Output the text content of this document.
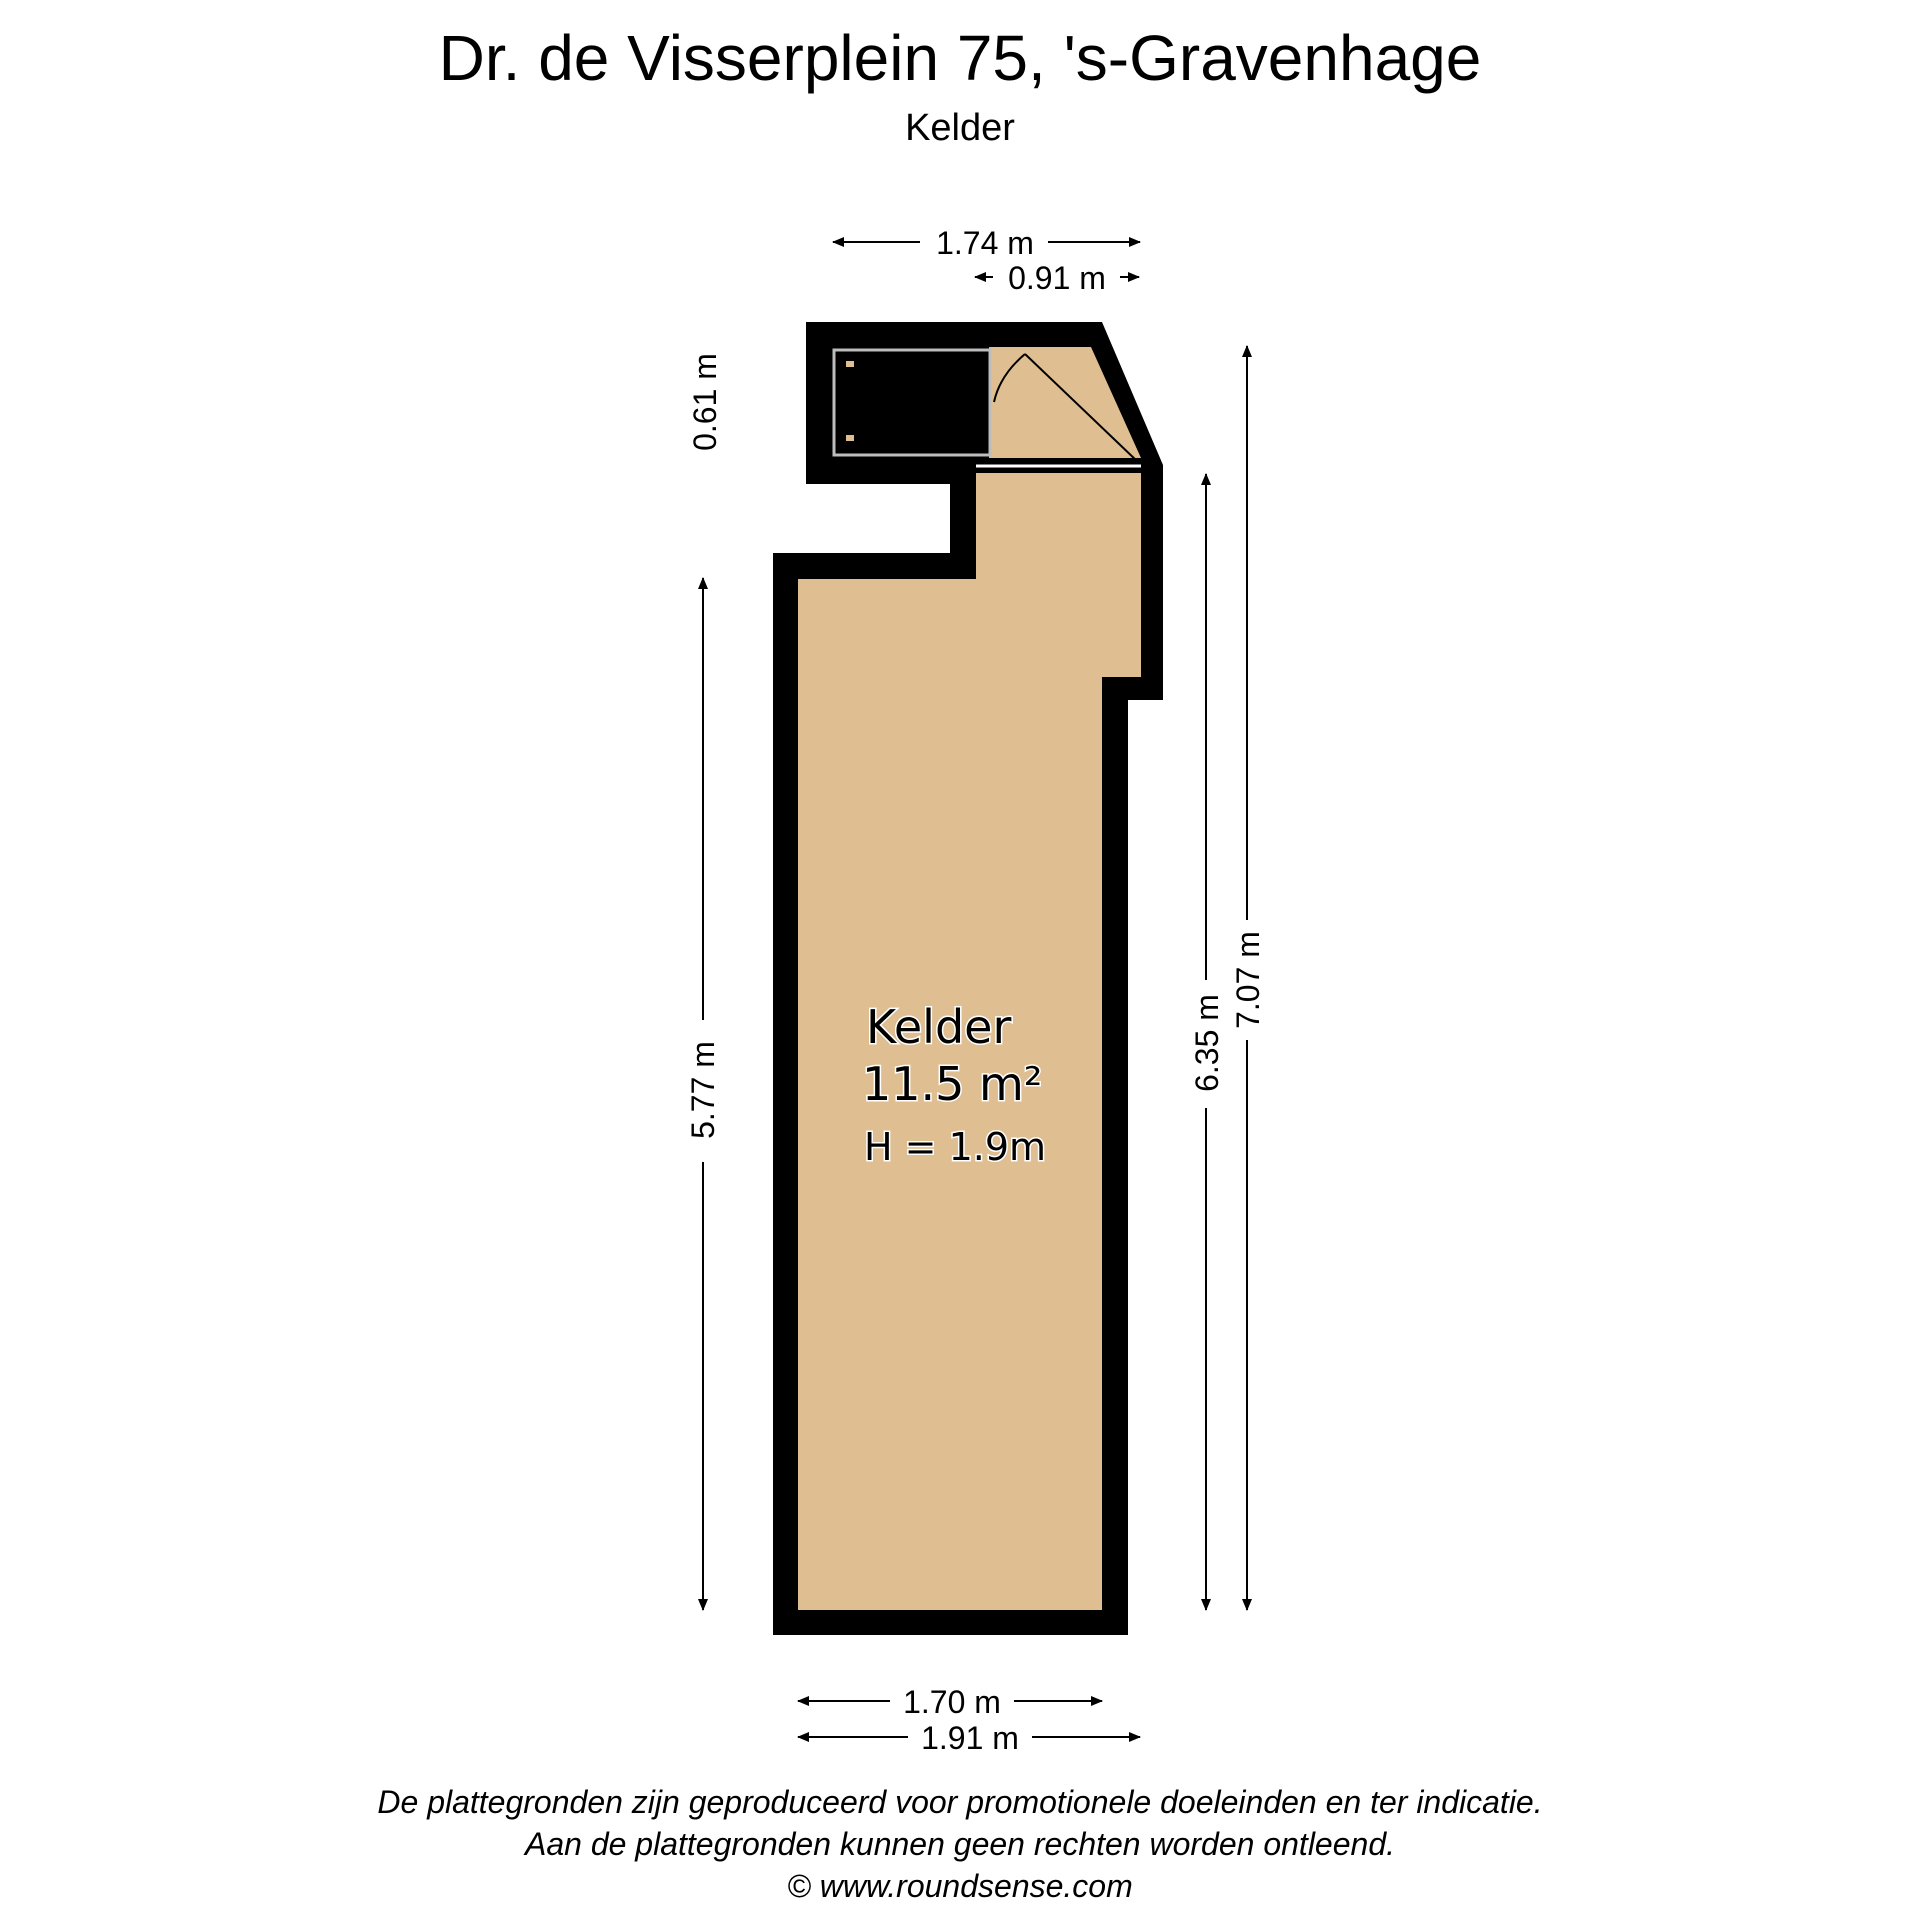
Dr. de Visserplein 75, 's-Gravenhage
Kelder
1.74 m
0.91 m
0.61 m
5.77 m	6.35 m
7.07 m
1.70 m
1.91 m
Kelder
11.5 m²
H = 1.9m
De plattegronden zijn geproduceerd voor promotionele doeleinden en ter indicatie.
Aan de plattegronden kunnen geen rechten worden ontleend.
© www.roundsense.com
